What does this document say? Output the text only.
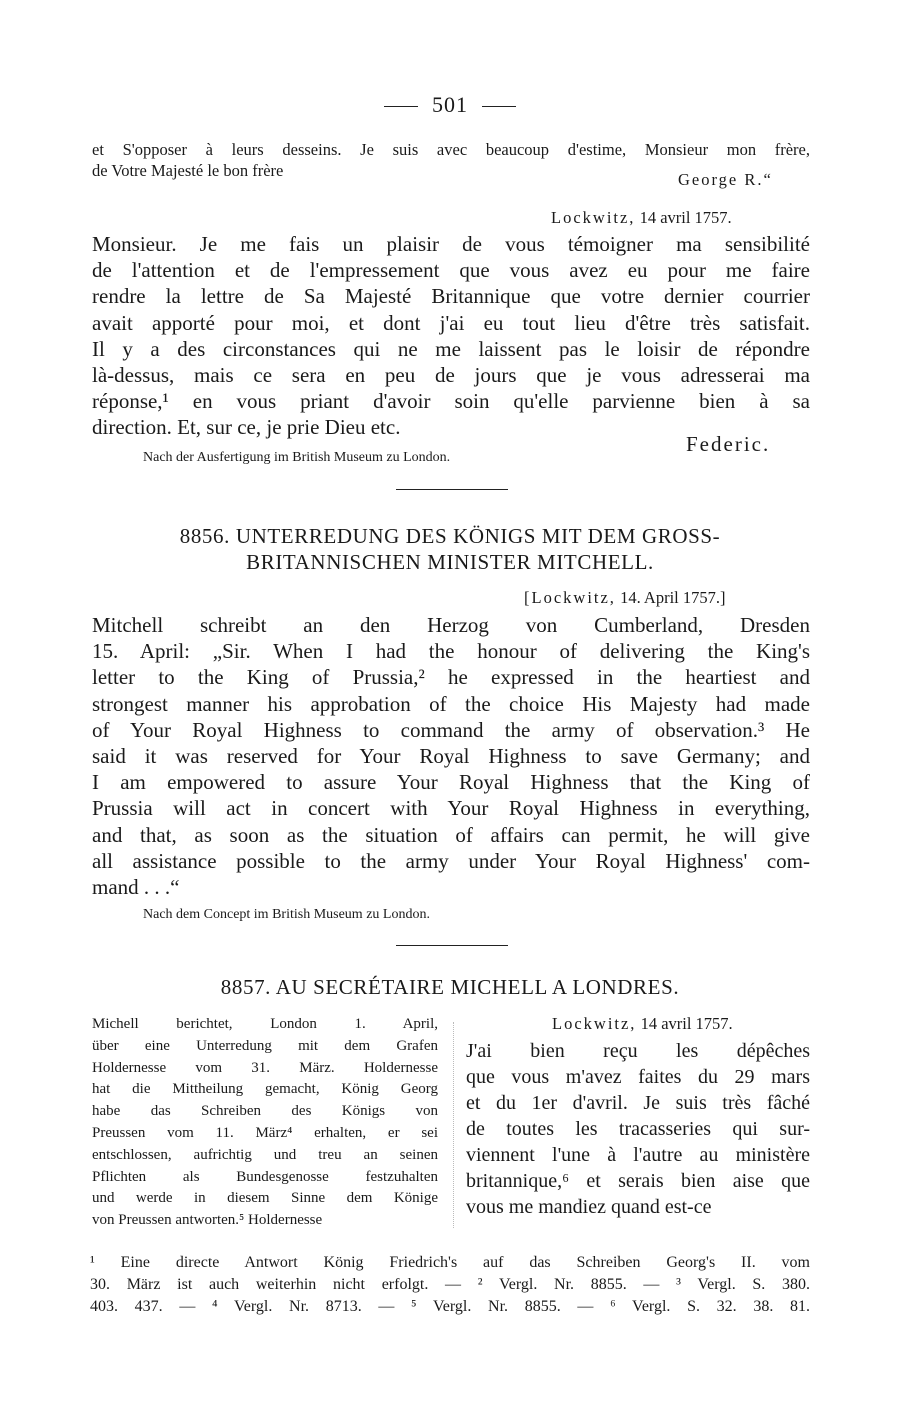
501
et S'opposer à leurs desseins. Je suis avec beaucoup d'estime, Monsieur mon frère,
de Votre Majesté le bon frère	George R.“
Lockwitz, 14 avril 1757.
Monsieur. Je me fais un plaisir de vous témoigner ma sensibilité
de l'attention et de l'empressement que vous avez eu pour me faire
rendre la lettre de Sa Majesté Britannique que votre dernier courrier
avait apporté pour moi, et dont j'ai eu tout lieu d'être très satisfait.
Il y a des circonstances qui ne me laissent pas le loisir de répondre
là-dessus, mais ce sera en peu de jours que je vous adresserai ma
réponse,¹ en vous priant d'avoir soin qu'elle parvienne bien à sa
direction. Et, sur ce, je prie Dieu etc.
Federic.
Nach der Ausfertigung im British Museum zu London.
8856. UNTERREDUNG DES KÖNIGS MIT DEM GROSS-
BRITANNISCHEN MINISTER MITCHELL.
[Lockwitz, 14. April 1757.]
Mitchell schreibt an den Herzog von Cumberland, Dresden
15. April: „Sir. When I had the honour of delivering the King's
letter to the King of Prussia,² he expressed in the heartiest and
strongest manner his approbation of the choice His Majesty had made
of Your Royal Highness to command the army of observation.³ He
said it was reserved for Your Royal Highness to save Germany; and
I am empowered to assure Your Royal Highness that the King of
Prussia will act in concert with Your Royal Highness in everything,
and that, as soon as the situation of affairs can permit, he will give
all assistance possible to the army under Your Royal Highness' com-
mand . . .“
Nach dem Concept im British Museum zu London.
8857. AU SECRÉTAIRE MICHELL A LONDRES.
Michell berichtet, London 1. April,
über eine Unterredung mit dem Grafen
Holdernesse vom 31. März. Holdernesse
hat die Mittheilung gemacht, König Georg
habe das Schreiben des Königs von
Preussen vom 11. März⁴ erhalten, er sei
entschlossen, aufrichtig und treu an seinen
Pflichten als Bundesgenosse festzuhalten
und werde in diesem Sinne dem Könige
von Preussen antworten.⁵ Holdernesse
Lockwitz, 14 avril 1757.
J'ai bien reçu les dépêches
que vous m'avez faites du 29 mars
et du 1er d'avril. Je suis très fâché
de toutes les tracasseries qui sur-
viennent l'une à l'autre au ministère
britannique,⁶ et serais bien aise que
vous me mandiez quand est-ce
¹ Eine directe Antwort König Friedrich's auf das Schreiben Georg's II. vom
30. März ist auch weiterhin nicht erfolgt. — ² Vergl. Nr. 8855. — ³ Vergl. S. 380.
403. 437. — ⁴ Vergl. Nr. 8713. — ⁵ Vergl. Nr. 8855. — ⁶ Vergl. S. 32. 38. 81.
